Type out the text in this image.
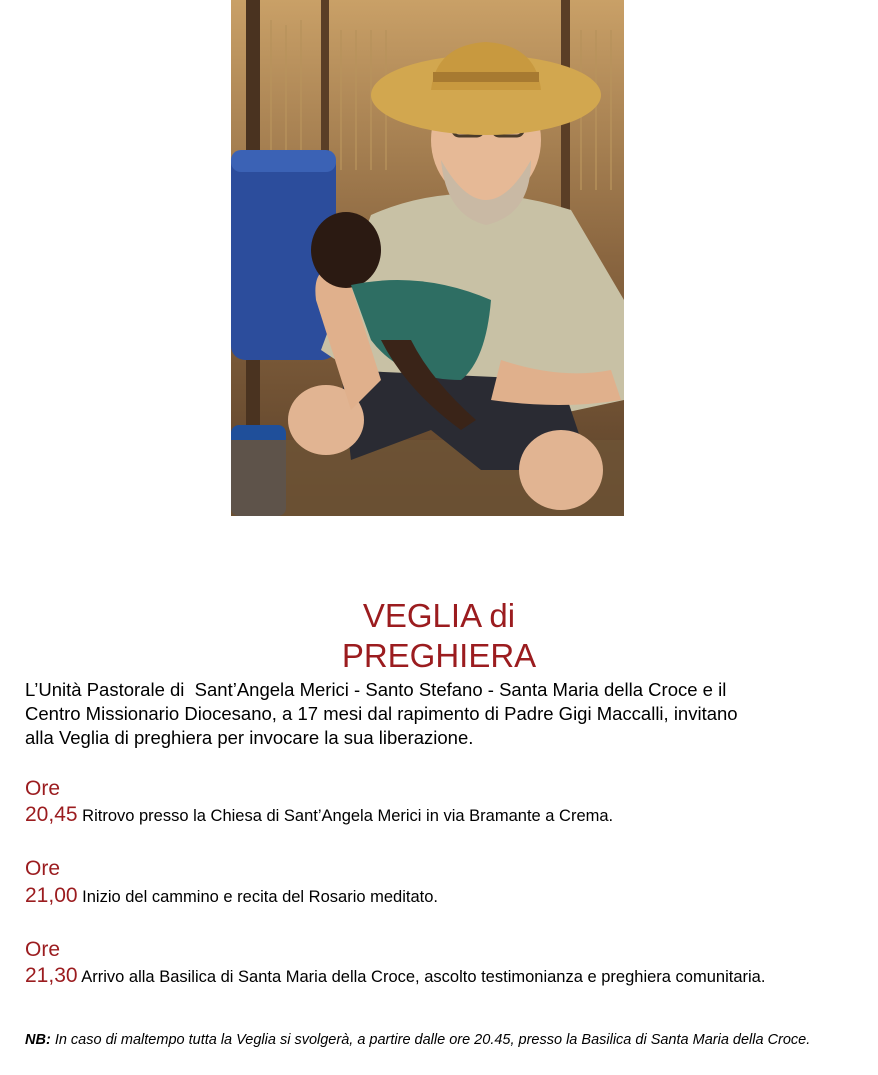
VEGLIA di
PREGHIERA
L’Unità Pastorale di  Sant’Angela Merici - Santo Stefano - Santa Maria della Croce e il
Centro Missionario Diocesano, a 17 mesi dal rapimento di Padre Gigi Maccalli, invitano
alla Veglia di preghiera per invocare la sua liberazione.
Ore
20,45 Ritrovo presso la Chiesa di Sant’Angela Merici in via Bramante a Crema.
Ore
21,00 Inizio del cammino e recita del Rosario meditato.
Ore
21,30 Arrivo alla Basilica di Santa Maria della Croce, ascolto testimonianza e preghiera comunitaria.
NB: In caso di maltempo tutta la Veglia si svolgerà, a partire dalle ore 20.45, presso la Basilica di Santa Maria della Croce.
